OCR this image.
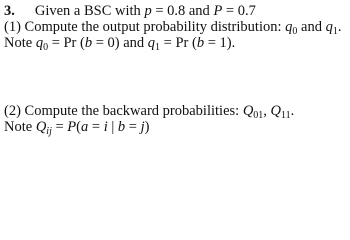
3. Given a BSC with p = 0.8 and P = 0.7
(1) Compute the output probability distribution: $q_0$ and $q_1$.
Note $q_0 = Pr$ (b = 0) and $q_1 = Pr$ (b = 1).
(2) Compute the backward probabilities: $Q_{01}$, $Q_{11}$.
Note $Q_{ij} = P(a = i$ | b = j)
